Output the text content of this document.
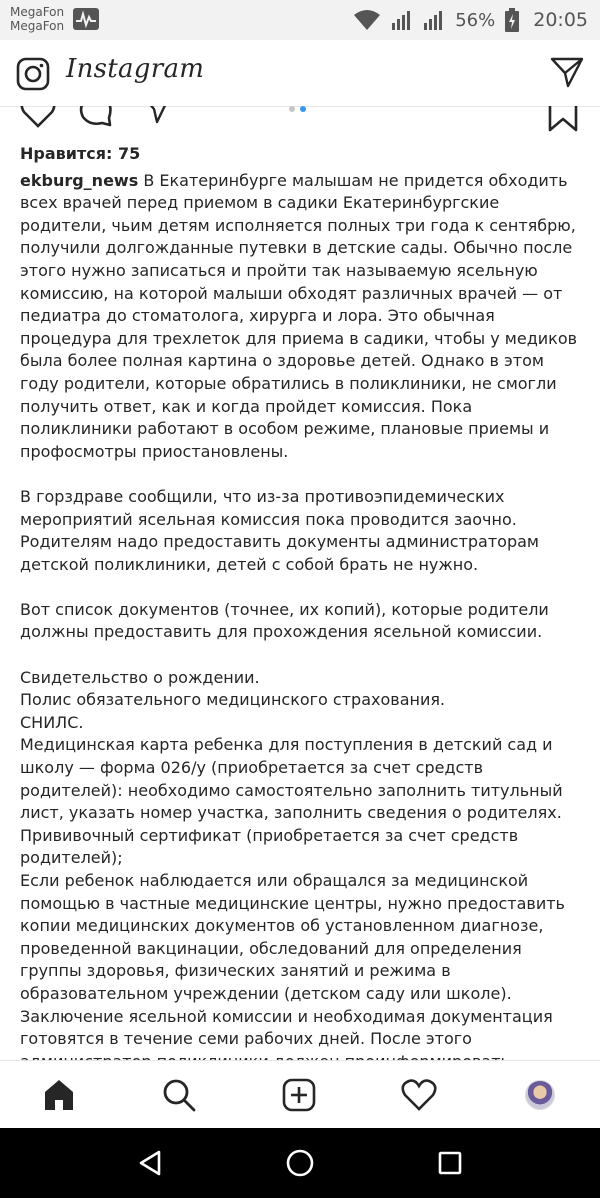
MegaFon
MegaFon	56% 20:05
Instagram
Нравится: 75

ekburg_news В Екатеринбурге малышам не придется обходить всех врачей перед приемом в садики Екатеринбургские родители, чьим детям исполняется полных три года к сентябрю, получили долгожданные путевки в детские сады. Обычно после этого нужно записаться и пройти так называемую ясельную комиссию, на которой малыши обходят различных врачей — от педиатра до стоматолога, хирурга и лора. Это обычная процедура для трехлеток для приема в садики, чтобы у медиков была более полная картина о здоровье детей. Однако в этом году родители, которые обратились в поликлиники, не смогли получить ответ, как и когда пройдет комиссия. Пока поликлиники работают в особом режиме, плановые приемы и профосмотры приостановлены.

В горздраве сообщили, что из-за противоэпидемических мероприятий ясельная комиссия пока проводится заочно. Родителям надо предоставить документы администраторам детской поликлиники, детей с собой брать не нужно.

Вот список документов (точнее, их копий), которые родители должны предоставить для прохождения ясельной комиссии.

Свидетельство о рождении.
Полис обязательного медицинского страхования.
СНИЛС.
Медицинская карта ребенка для поступления в детский сад и школу — форма 026/у (приобретается за счет средств родителей): необходимо самостоятельно заполнить титульный лист, указать номер участка, заполнить сведения о родителях.
Прививочный сертификат (приобретается за счет средств родителей);
Если ребенок наблюдается или обращался за медицинской помощью в частные медицинские центры, нужно предоставить копии медицинских документов об установленном диагнозе, проведенной вакцинации, обследований для определения группы здоровья, физических занятий и режима в образовательном учреждении (детском саду или школе).
Заключение ясельной комиссии и необходимая документация готовятся в течение семи рабочих дней. После этого
